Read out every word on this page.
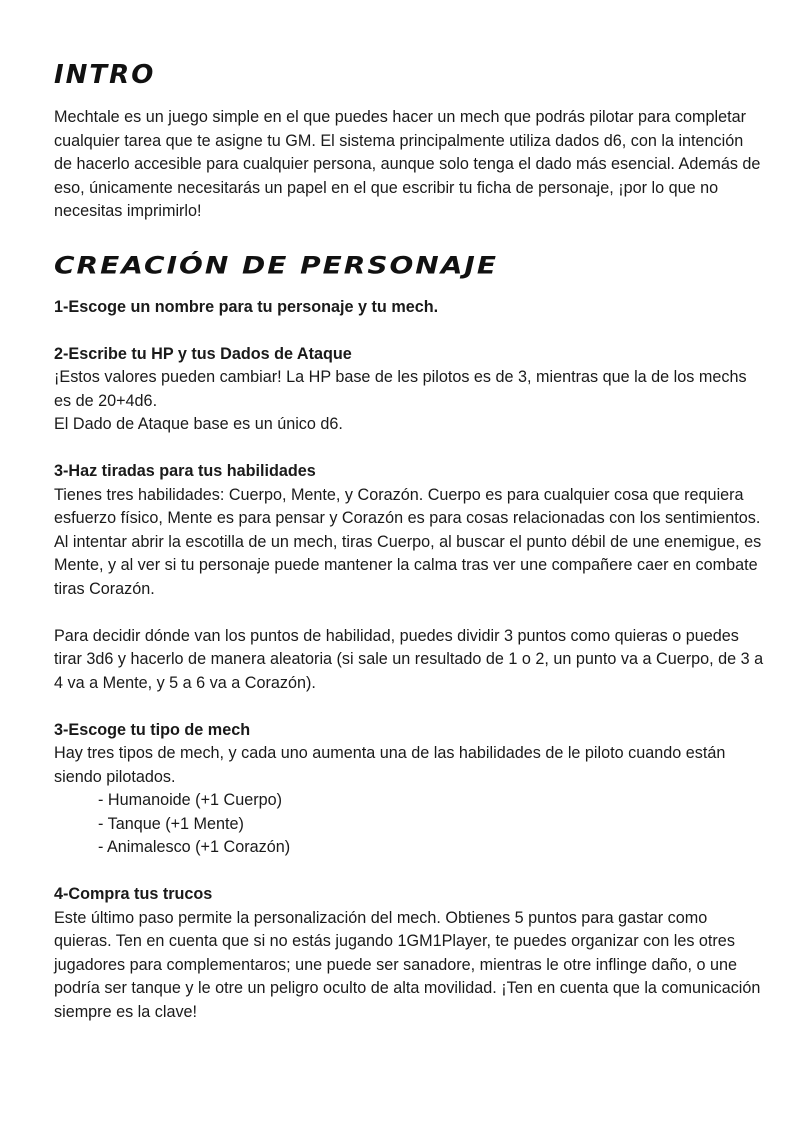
INTRO

Mechtale es un juego simple en el que puedes hacer un mech que podrás pilotar para completar cualquier tarea que te asigne tu GM. El sistema principalmente utiliza dados d6, con la intención de hacerlo accesible para cualquier persona, aunque solo tenga el dado más esencial. Además de eso, únicamente necesitarás un papel en el que escribir tu ficha de personaje, ¡por lo que no necesitas imprimirlo!

CREACIÓN DE PERSONAJE
1-Escoge un nombre para tu personaje y tu mech.
2-Escribe tu HP y tus Dados de Ataque

¡Estos valores pueden cambiar! La HP base de les pilotos es de 3, mientras que la de los mechs es de 20+4d6.

El Dado de Ataque base es un único d6.

3-Haz tiradas para tus habilidades

Tienes tres habilidades: Cuerpo, Mente, y Corazón. Cuerpo es para cualquier cosa que requiera esfuerzo físico, Mente es para pensar y Corazón es para cosas relacionadas con los sentimientos. Al intentar abrir la escotilla de un mech, tiras Cuerpo, al buscar el punto débil de une enemigue, es Mente, y al ver si tu personaje puede mantener la calma tras ver une compañere caer en combate tiras Corazón.

Para decidir dónde van los puntos de habilidad, puedes dividir 3 puntos como quieras o puedes tirar 3d6 y hacerlo de manera aleatoria (si sale un resultado de 1 o 2, un punto va a Cuerpo, de 3 a 4 va a Mente, y 5 a 6 va a Corazón).

3-Escoge tu tipo de mech

Hay tres tipos de mech, y cada uno aumenta una de las habilidades de le piloto cuando están siendo pilotados.

- Humanoide (+1 Cuerpo)
- Tanque (+1 Mente)
- Animalesco (+1 Corazón)
4-Compra tus trucos

Este último paso permite la personalización del mech. Obtienes 5 puntos para gastar como quieras. Ten en cuenta que si no estás jugando 1GM1Player, te puedes organizar con les otres jugadores para complementaros; une puede ser sanadore, mientras le otre inflinge daño, o une podría ser tanque y le otre un peligro oculto de alta movilidad. ¡Ten en cuenta que la comunicación siempre es la clave!
